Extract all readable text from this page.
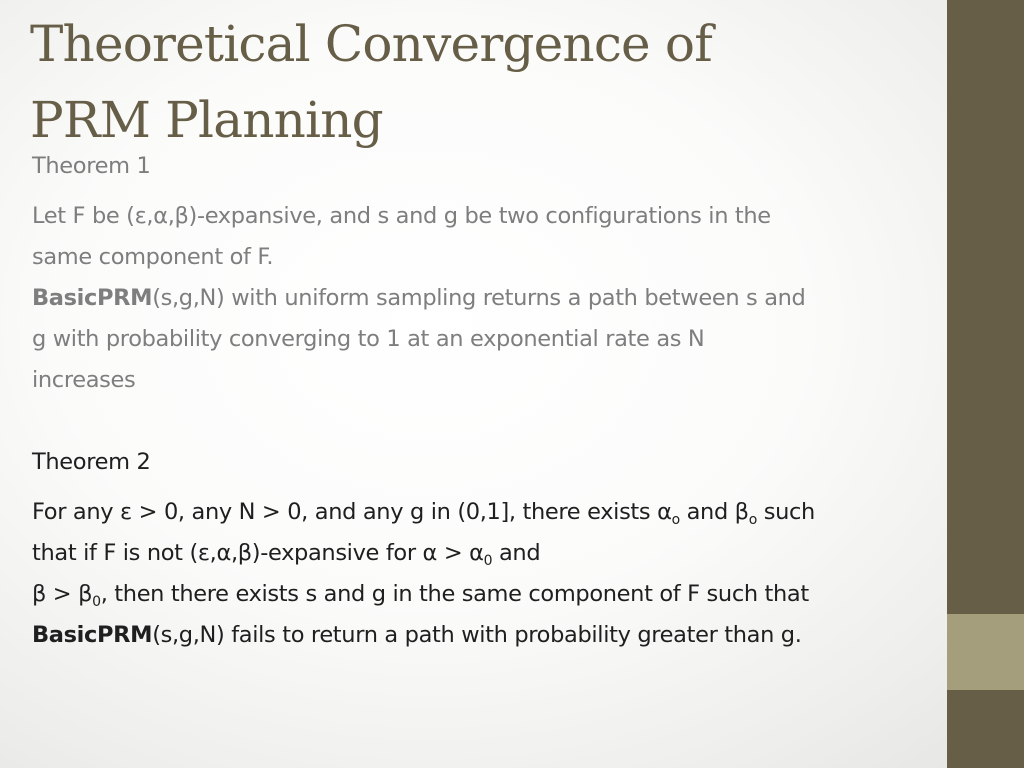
Theoretical Convergence of
PRM Planning
Theorem 1
Let F be (ε,α,β)-expansive, and s and g be two configurations in the
same component of F.
BasicPRM(s,g,N) with uniform sampling returns a path between s and
g with probability converging to 1 at an exponential rate as N
increases
Theorem 2
For any ε > 0, any N > 0, and any g in (0,1], there exists $\alpha_o$ and $\beta_o$ such
that if F is not (ε,α,β)-expansive for $\alpha > \alpha_0$ and
$\beta > \beta_0$, then there exists s and g in the same component of F such that
BasicPRM(s,g,N) fails to return a path with probability greater than g.
